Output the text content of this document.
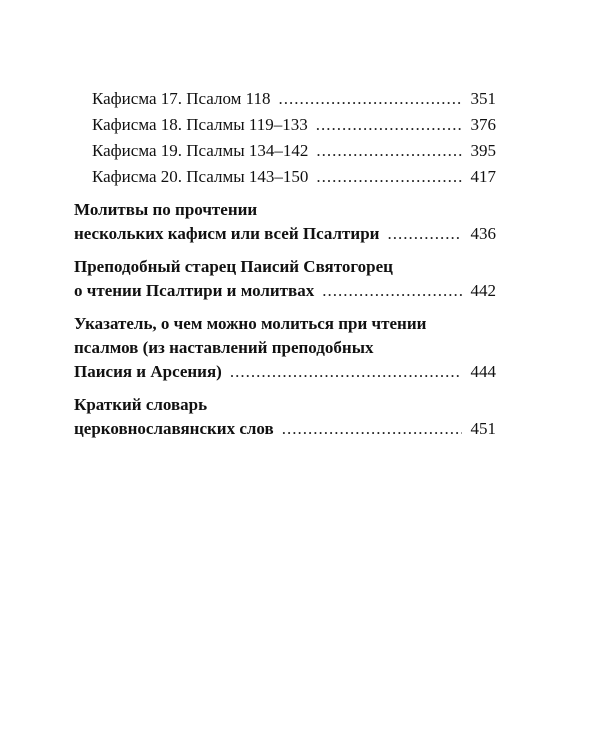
Кафисма 17. Псалом 118 .....	351
Кафисма 18. Псалмы 119–133 .....	376
Кафисма 19. Псалмы 134–142 .....	395
Кафисма 20. Псалмы 143–150 .....	417
Молитвы по прочтении
нескольких кафисм или всей Псалтири .....	436
Преподобный старец Паисий Святогорец
о чтении Псалтири и молитвах .....	442
Указатель, о чем можно молиться при чтении
псалмов (из наставлений преподобных
Паисия и Арсения) .....	444
Краткий словарь
церковнославянских слов .....	451
